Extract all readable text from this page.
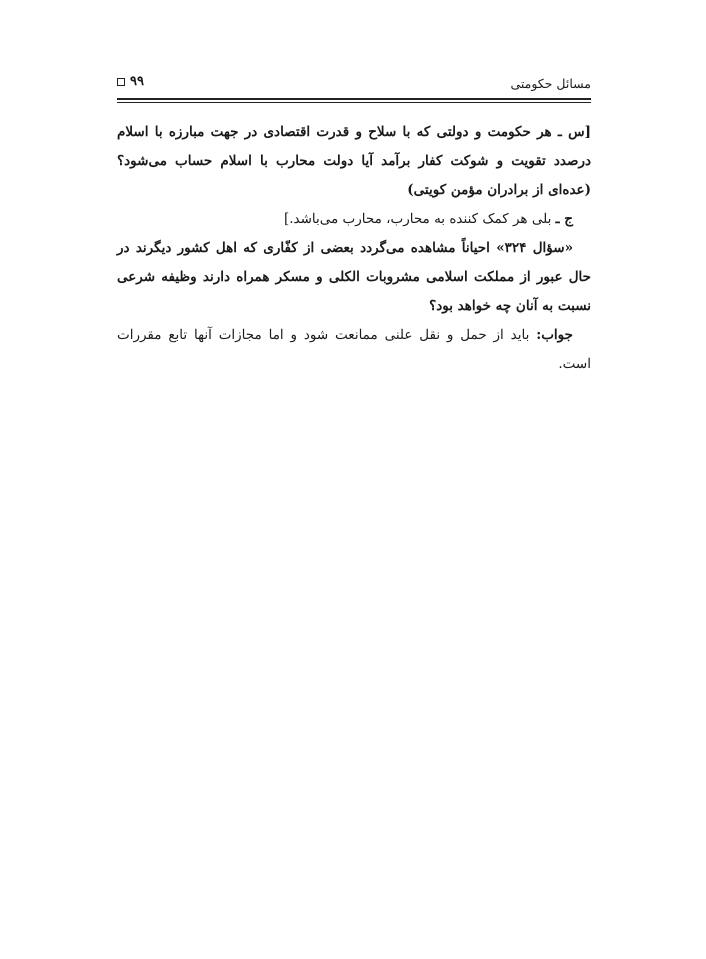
مسائل حکومتی
۹۹

[س ـ هر حکومت و دولتی که با سلاح و قدرت اقتصادی در جهت مبارزه با اسلام درصدد تقویت و شوکت کفار برآمد آیا دولت محارب با اسلام حساب می‌شود؟ (عده‌ای از برادران مؤمن کویتی)

ج ـ بلی هر کمک کننده به محارب، محارب می‌باشد.]

«سؤال ۳۲۴» احیاناً مشاهده می‌گردد بعضی از کفّاری که اهل کشور دیگرند در حال عبور از مملکت اسلامی مشروبات الکلی و مسکر همراه دارند وظیفه شرعی نسبت به آنان چه خواهد بود؟

جواب: باید از حمل و نقل علنی ممانعت شود و اما مجازات آنها تابع مقررات است.
